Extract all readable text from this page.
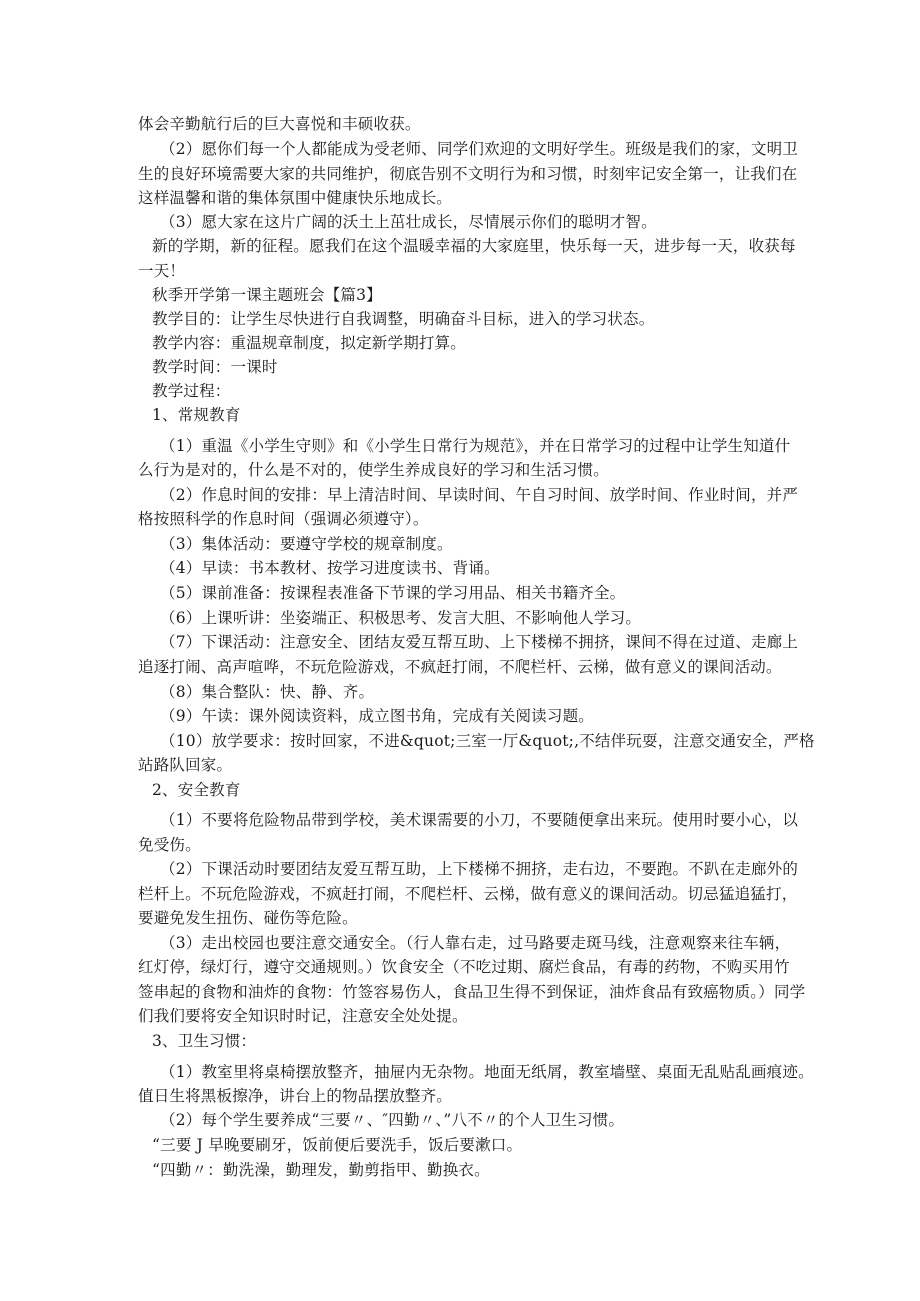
体会辛勤航行后的巨大喜悦和丰硕收获。
（2）愿你们每一个人都能成为受老师、同学们欢迎的文明好学生。班级是我们的家，文明卫
生的良好环境需要大家的共同维护，彻底告别不文明行为和习惯，时刻牢记安全第一，让我们在
这样温馨和谐的集体氛围中健康快乐地成长。
（3）愿大家在这片广阔的沃土上茁壮成长，尽情展示你们的聪明才智。
新的学期，新的征程。愿我们在这个温暖幸福的大家庭里，快乐每一天，进步每一天，收获每
一天！
秋季开学第一课主题班会【篇3】
教学目的：让学生尽快进行自我调整，明确奋斗目标，进入的学习状态。
教学内容：重温规章制度，拟定新学期打算。
教学时间：一课时
教学过程：
1、常规教育
（1）重温《小学生守则》和《小学生日常行为规范》，并在日常学习的过程中让学生知道什
么行为是对的，什么是不对的，使学生养成良好的学习和生活习惯。
（2）作息时间的安排：早上清洁时间、早读时间、午自习时间、放学时间、作业时间，并严
格按照科学的作息时间（强调必须遵守）。
（3）集体活动：要遵守学校的规章制度。
（4）早读：书本教材、按学习进度读书、背诵。
（5）课前准备：按课程表准备下节课的学习用品、相关书籍齐全。
（6）上课听讲：坐姿端正、积极思考、发言大胆、不影响他人学习。
（7）下课活动：注意安全、团结友爱互帮互助、上下楼梯不拥挤，课间不得在过道、走廊上
追逐打闹、高声喧哗，不玩危险游戏，不疯赶打闹，不爬栏杆、云梯，做有意义的课间活动。
（8）集合整队：快、静、齐。
（9）午读：课外阅读资料，成立图书角，完成有关阅读习题。
（10）放学要求：按时回家，不进&quot;三室一厅&quot;,不结伴玩耍，注意交通安全，严格
站路队回家。
2、安全教育
（1）不要将危险物品带到学校，美术课需要的小刀，不要随便拿出来玩。使用时要小心，以
免受伤。
（2）下课活动时要团结友爱互帮互助，上下楼梯不拥挤，走右边，不要跑。不趴在走廊外的
栏杆上。不玩危险游戏，不疯赶打闹，不爬栏杆、云梯，做有意义的课间活动。切忌猛追猛打，
要避免发生扭伤、碰伤等危险。
（3）走出校园也要注意交通安全。（行人靠右走，过马路要走斑马线，注意观察来往车辆，
红灯停，绿灯行，遵守交通规则。）饮食安全（不吃过期、腐烂食品，有毒的药物，不购买用竹
签串起的食物和油炸的食物：竹签容易伤人，食品卫生得不到保证，油炸食品有致癌物质。）同学
们我们要将安全知识时时记，注意安全处处提。
3、卫生习惯：
（1）教室里将桌椅摆放整齐，抽屉内无杂物。地面无纸屑，教室墙壁、桌面无乱贴乱画痕迹。
值日生将黑板擦净，讲台上的物品摆放整齐。
（2）每个学生要养成“三要〃、″四勤〃、”八不〃的个人卫生习惯。
“三要 J 早晚要刷牙，饭前便后要洗手，饭后要漱口。
“四勤〃：勤洗澡，勤理发，勤剪指甲、勤换衣。
